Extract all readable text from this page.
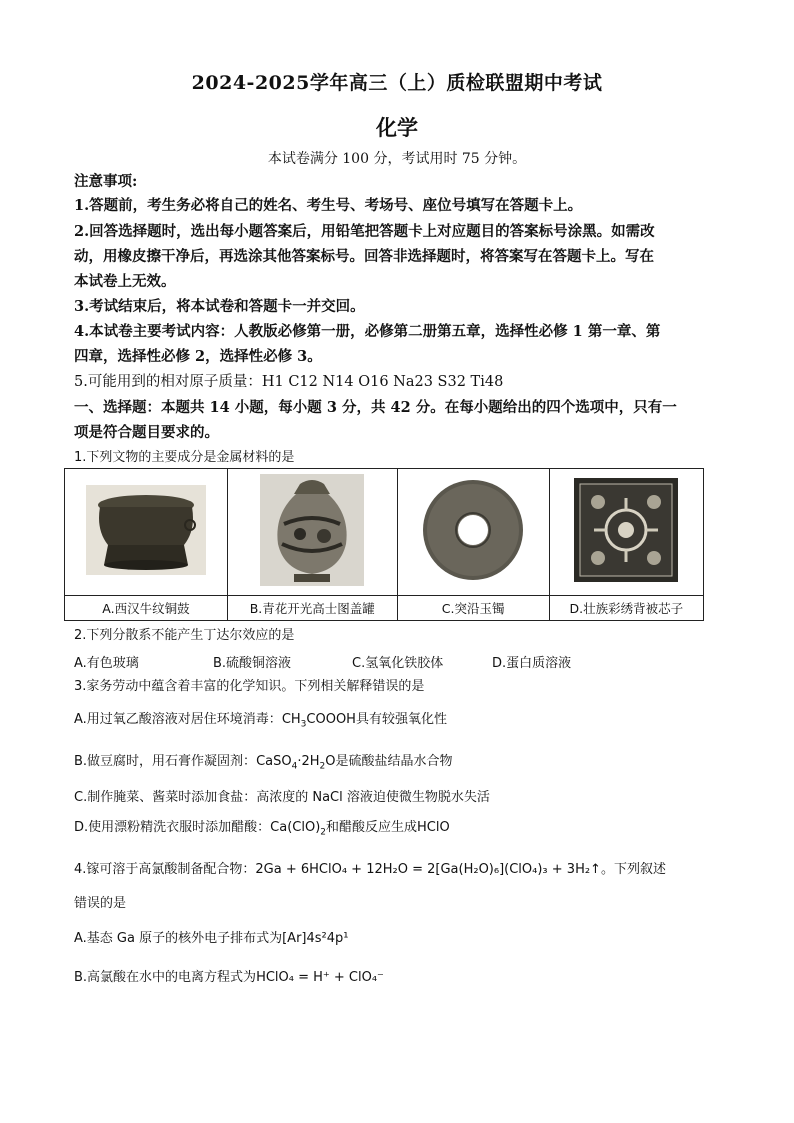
2024-2025学年高三（上）质检联盟期中考试
化学
本试卷满分 100 分，考试用时 75 分钟。
注意事项:
1.答题前，考生务必将自己的姓名、考生号、考场号、座位号填写在答题卡上。
2.回答选择题时，选出每小题答案后，用铅笔把答题卡上对应题目的答案标号涂黑。如需改
动，用橡皮擦干净后，再选涂其他答案标号。回答非选择题时，将答案写在答题卡上。写在
本试卷上无效。
3.考试结束后，将本试卷和答题卡一并交回。
4.本试卷主要考试内容：人教版必修第一册，必修第二册第五章，选择性必修 1 第一章、第
四章，选择性必修 2，选择性必修 3。
5.可能用到的相对原子质量：H1 C12 N14 O16 Na23 S32 Ti48
一、选择题：本题共 14 小题，每小题 3 分，共 42 分。在每小题给出的四个选项中，只有一
项是符合题目要求的。
1.下列文物的主要成分是金属材料的是

A.西汉牛纹铜鼓	B.青花开光高士图盖罐	C.突沿玉镯	D.壮族彩绣背被芯子
2.下列分散系不能产生丁达尔效应的是
A.有色玻璃	B.硫酸铜溶液	C.氢氧化铁胶体	D.蛋白质溶液
3.家务劳动中蕴含着丰富的化学知识。下列相关解释错误的是
A.用过氧乙酸溶液对居住环境消毒：$CH_3COOOH$具有较强氧化性
B.做豆腐时，用石膏作凝固剂：$CaSO_4\cdot 2H_2O$是硫酸盐结晶水合物
C.制作腌菜、酱菜时添加食盐：高浓度的 NaCl 溶液迫使微生物脱水失活
D.使用漂粉精洗衣服时添加醋酸：$Ca(ClO)_2$和醋酸反应生成HClO
4.镓可溶于高氯酸制备配合物：2Ga + 6HClO₄ + 12H₂O = 2[Ga(H₂O)₆](ClO₄)₃ + 3H₂↑。下列叙述
错误的是
A.基态 Ga 原子的核外电子排布式为[Ar]4s²4p¹
B.高氯酸在水中的电离方程式为HClO₄ = H⁺ + ClO₄⁻
